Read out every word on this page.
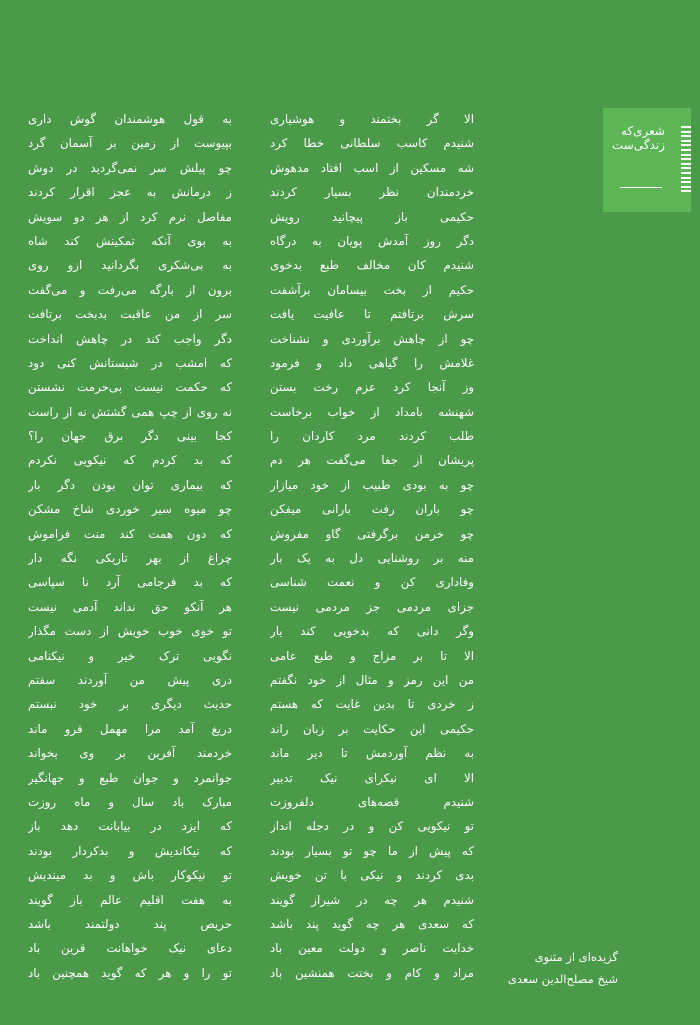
شعری‌که زندگی‌ست
الا گر بختمند و هوشیاری
شنیدم کاسب سلطانی خطا کرد
شه مسکین از اسب افتاد مدهوش
خردمندان نظر بسیار کردند
حکیمی باز پیچانید رویش
دگر روز آمدش پویان به درگاه
شنیدم کان مخالف طبع بدخوی
حکیم از بخت بیسامان برآشفت
سرش برتافتم تا عافیت یافت
چو از چاهش برآوردی و نشناخت
غلامش را گیاهی داد و فرمود
وز آنجا کرد عزم رخت بستن
شهنشه بامداد از خواب برخاست
طلب کردند مرد کاردان را
پریشان از جفا می‌گفت هر دم
چو به بودی طبیب از خود میازار
چو باران رفت بارانی میفکن
چو خرمن برگرفتی گاو مفروش
منه بر روشنایی دل به یک بار
وفاداری کن و نعمت شناسی
جزای مردمی جز مردمی نیست
وگر دانی که بدخویی کند یار
الا تا بر مزاج و طبع عامی
من این رمز و مثال از خود نگفتم
ز خردی تا بدین غایت که هستم
حکیمی این حکایت بر زبان راند
به نظم آوردمش تا دیر ماند
الا ای نیکرای نیک تدبیر
شنیدم قصه‌های دلفروزت
تو نیکویی کن و در دجله انداز
که پیش از ما چو تو بسیار بودند
بدی کردند و نیکی با تن خویش
شنیدم هر چه در شیراز گویند
که سعدی هر چه گوید پند باشد
خدایت ناصر و دولت معین باد
مراد و کام و بختت همنشین باد
به قول هوشمندان گوش داری
بپیوست از زمین بر آسمان گرد
چو پیلش سر نمی‌گردید در دوش
ز درمانش به عجز اقرار کردند
مفاصل نرم کرد از هر دو سویش
به بوی آنکه تمکینش کند شاه
به بی‌شکری بگردانید ازو روی
برون از بارگه می‌رفت و می‌گفت
سر از من عاقبت بدبخت برتافت
دگر واجب کند در چاهش انداخت
که امشب در شبستانش کنی دود
که حکمت نیست بی‌حرمت نشستن
نه روی از چپ همی گشتش نه از راست
کجا بینی دگر برق جهان را؟
که بد کردم که نیکویی نکردم
که بیماری توان بودن دگر بار
چو میوه سیر خوردی شاخ مشکن
که دون همت کند منت فراموش
چراغ از بهر تاریکی نگه دار
که بد فرجامی آرد نا سپاسی
هر آنکو حق نداند آدمی نیست
تو خوی خوب خویش از دست مگذار
نگویی ترک خیر و نیکنامی
دری پیش من آوردند سفتم
حدیث دیگری بر خود نبستم
دریغ آمد مرا مهمل فرو ماند
خردمند آفرین بر وی بخواند
جوانمرد و جوان طبع و جهانگیر
مبارک باد سال و ماه روزت
که ایزد در بیابانت دهد باز
که نیکاندیش و بدکردار بودند
تو نیکوکار باش و بد میندیش
به هفت اقلیم عالم باز گویند
حریص پند دولتمند باشد
دعای نیک خواهانت قرین باد
تو را و هر که گوید همچنین باد
گزیده‌ای از مثنوی
شیخ مصلح‌الدین سعدی
